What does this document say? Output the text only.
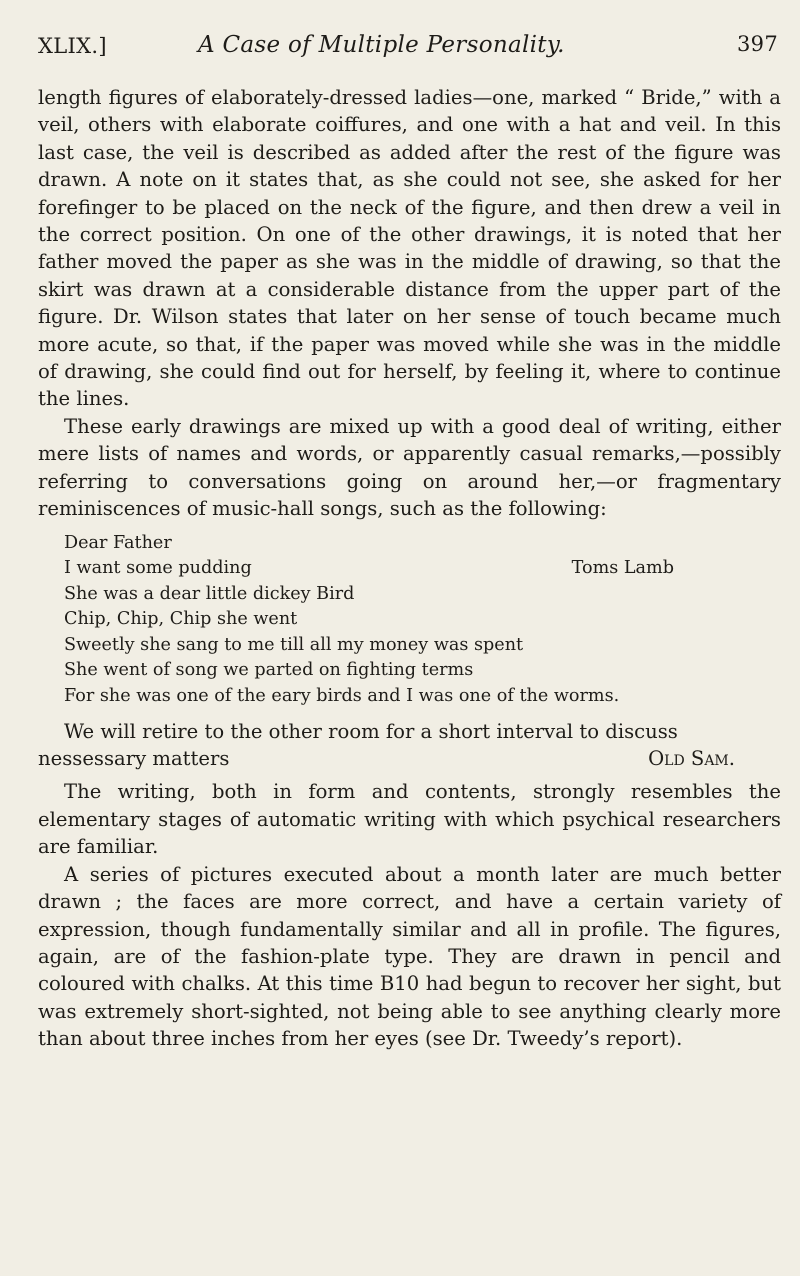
XLIX.]	A Case of Multiple Personality.	397

length figures of elaborately-dressed ladies—one, marked “ Bride,” with a veil, others with elaborate coiffures, and one with a hat and veil. In this last case, the veil is described as added after the rest of the figure was drawn. A note on it states that, as she could not see, she asked for her forefinger to be placed on the neck of the figure, and then drew a veil in the correct position. On one of the other drawings, it is noted that her father moved the paper as she was in the middle of drawing, so that the skirt was drawn at a considerable distance from the upper part of the figure. Dr. Wilson states that later on her sense of touch became much more acute, so that, if the paper was moved while she was in the middle of drawing, she could find out for herself, by feeling it, where to continue the lines.

These early drawings are mixed up with a good deal of writing, either mere lists of names and words, or apparently casual remarks,—possibly referring to conversations going on around her,—or fragmentary reminiscences of music-hall songs, such as the following:

Dear Father
I want some pudding	Toms Lamb
She was a dear little dickey Bird
Chip, Chip, Chip she went
Sweetly she sang to me till all my money was spent
She went of song we parted on fighting terms
For she was one of the eary birds and I was one of the worms.

We will retire to the other room for a short interval to discuss

nessessary matters	Old Sam.

The writing, both in form and contents, strongly resembles the elementary stages of automatic writing with which psychical researchers are familiar.

A series of pictures executed about a month later are much better drawn ; the faces are more correct, and have a certain variety of expression, though fundamentally similar and all in profile. The figures, again, are of the fashion-plate type. They are drawn in pencil and coloured with chalks. At this time B10 had begun to recover her sight, but was extremely short-sighted, not being able to see anything clearly more than about three inches from her eyes (see Dr. Tweedy’s report).
